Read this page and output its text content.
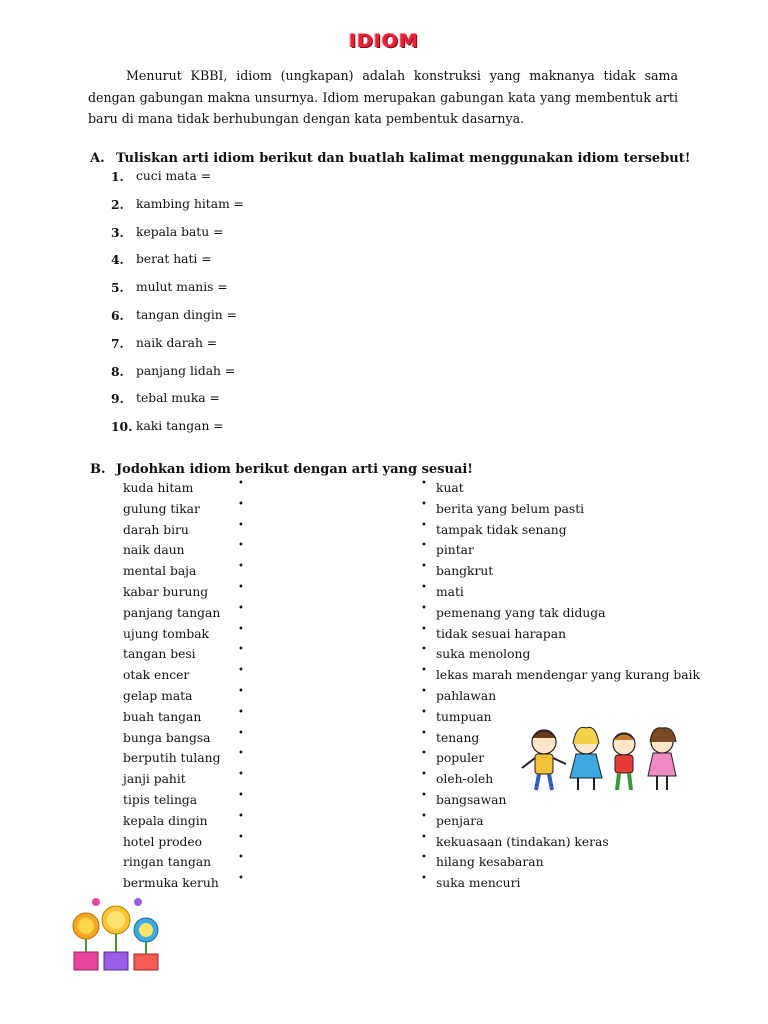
IDIOM
Menurut KBBI, idiom (ungkapan) adalah konstruksi yang maknanya tidak sama dengan gabungan makna unsurnya. Idiom merupakan gabungan kata yang membentuk arti baru di mana tidak berhubungan dengan kata pembentuk dasarnya.
A. Tuliskan arti idiom berikut dan buatlah kalimat menggunakan idiom tersebut!
1. cuci mata =
2. kambing hitam =
3. kepala batu =
4. berat hati =
5. mulut manis =
6. tangan dingin =
7. naik darah =
8. panjang lidah =
9. tebal muka =
10. kaki tangan =
B. Jodohkan idiom berikut dengan arti yang sesuai!
kuda hitam	•	• kuat
gulung tikar	•	• berita yang belum pasti
darah biru	•	• tampak tidak senang
naik daun	•	• pintar
mental baja	•	• bangkrut
kabar burung	•	• mati
panjang tangan •	• pemenang yang tak diduga
ujung tombak	•	• tidak sesuai harapan
tangan besi	•	• suka menolong
otak encer	•	• lekas marah mendengar yang kurang baik
gelap mata	•	• pahlawan
buah tangan	•	• tumpuan
bunga bangsa	•	• tenang
berputih tulang •	• populer
janji pahit	•	• oleh-oleh
tipis telinga	•	• bangsawan
kepala dingin	•	• penjara
hotel prodeo	•	• kekuasaan (tindakan) keras
ringan tangan	•	• hilang kesabaran
bermuka keruh •	• suka mencuri
